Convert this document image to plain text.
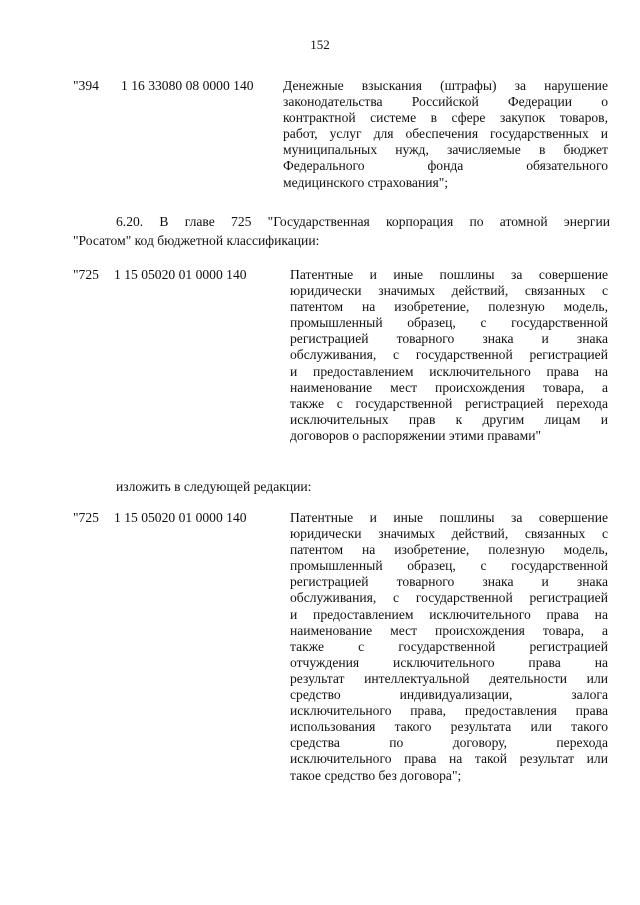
152
"394 1 16 33080 08 0000 140 Денежные взыскания (штрафы) за нарушение
законодательства Российской Федерации о
контрактной системе в сфере закупок товаров,
работ, услуг для обеспечения государственных и
муниципальных нужд, зачисляемые в бюджет
Федерального фонда обязательного
медицинского страхования";
6.20. В главе 725 "Государственная корпорация по атомной энергии
"Росатом" код бюджетной классификации:
"725 1 15 05020 01 0000 140	Патентные и иные пошлины за совершение
юридически значимых действий, связанных с
патентом на изобретение, полезную модель,
промышленный образец, с государственной
регистрацией товарного знака и знака
обслуживания, с государственной регистрацией
и предоставлением исключительного права на
наименование мест происхождения товара, а
также с государственной регистрацией перехода
исключительных прав к другим лицам и
договоров о распоряжении этими правами"
изложить в следующей редакции:
"725 1 15 05020 01 0000 140	Патентные и иные пошлины за совершение
юридически значимых действий, связанных с
патентом на изобретение, полезную модель,
промышленный образец, с государственной
регистрацией товарного знака и знака
обслуживания, с государственной регистрацией
и предоставлением исключительного права на
наименование мест происхождения товара, а
также с государственной регистрацией
отчуждения исключительного права на
результат интеллектуальной деятельности или
средство индивидуализации, залога
исключительного права, предоставления права
использования такого результата или такого
средства по договору, перехода
исключительного права на такой результат или
такое средство без договора";
